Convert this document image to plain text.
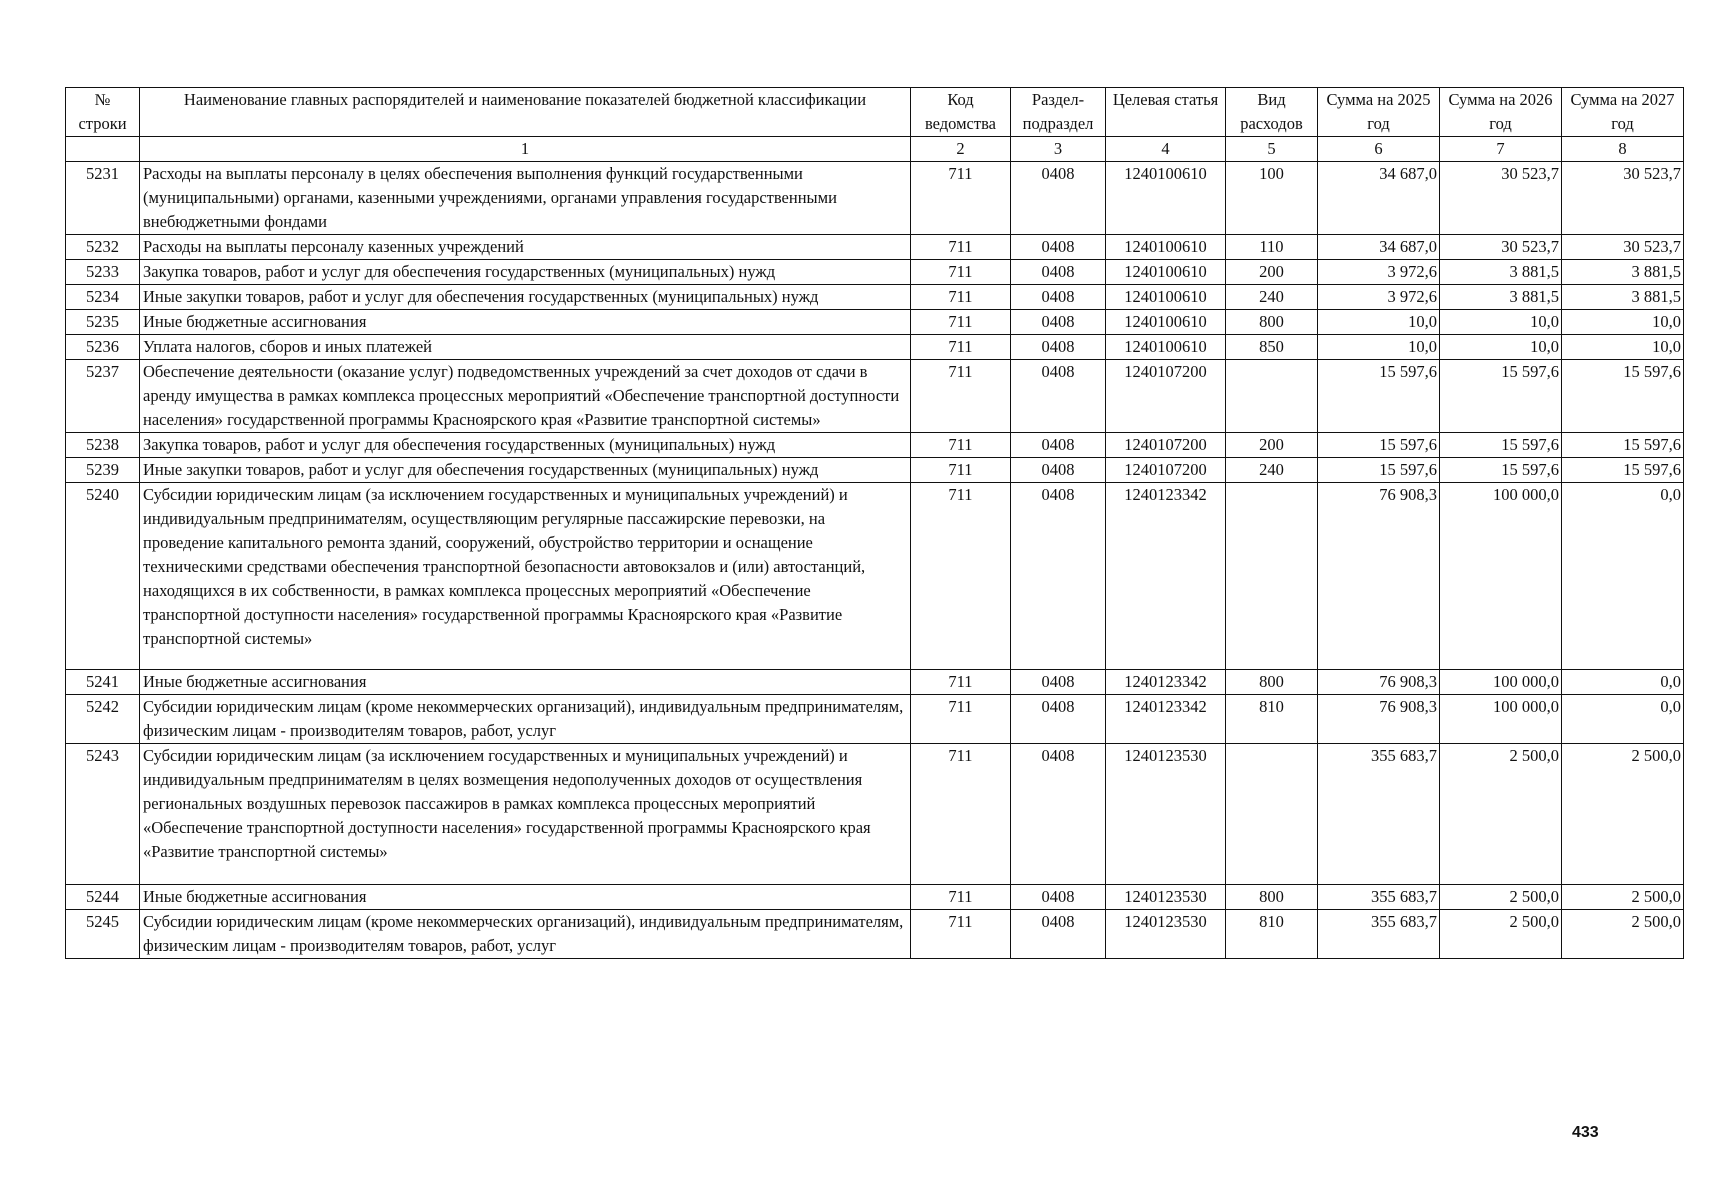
№ строки	Наименование главных распорядителей и наименование показателей бюджетной классификации	Код ведомства	Раздел-подраздел	Целевая статья	Вид расходов	Сумма на 2025 год	Сумма на 2026 год	Сумма на 2027 год
	1	2	3	4	5	6	7	8
5231	Расходы на выплаты персоналу в целях обеспечения выполнения функций государственными (муниципальными) органами, казенными учреждениями, органами управления государственными внебюджетными фондами	711	0408	1240100610	100	34 687,0	30 523,7	30 523,7
5232	Расходы на выплаты персоналу казенных учреждений	711	0408	1240100610	110	34 687,0	30 523,7	30 523,7
5233	Закупка товаров, работ и услуг для обеспечения государственных (муниципальных) нужд	711	0408	1240100610	200	3 972,6	3 881,5	3 881,5
5234	Иные закупки товаров, работ и услуг для обеспечения государственных (муниципальных) нужд	711	0408	1240100610	240	3 972,6	3 881,5	3 881,5
5235	Иные бюджетные ассигнования	711	0408	1240100610	800	10,0	10,0	10,0
5236	Уплата налогов, сборов и иных платежей	711	0408	1240100610	850	10,0	10,0	10,0
5237	Обеспечение деятельности (оказание услуг) подведомственных учреждений за счет доходов от сдачи в аренду имущества в рамках комплекса процессных мероприятий «Обеспечение транспортной доступности населения» государственной программы Красноярского края «Развитие транспортной системы»	711	0408	1240107200		15 597,6	15 597,6	15 597,6
5238	Закупка товаров, работ и услуг для обеспечения государственных (муниципальных) нужд	711	0408	1240107200	200	15 597,6	15 597,6	15 597,6
5239	Иные закупки товаров, работ и услуг для обеспечения государственных (муниципальных) нужд	711	0408	1240107200	240	15 597,6	15 597,6	15 597,6
5240	Субсидии юридическим лицам (за исключением государственных и муниципальных учреждений) и индивидуальным предпринимателям, осуществляющим регулярные пассажирские перевозки, на проведение капитального ремонта зданий, сооружений, обустройство территории и оснащение техническими средствами обеспечения транспортной безопасности автовокзалов и (или) автостанций, находящихся в их собственности, в рамках комплекса процессных мероприятий «Обеспечение транспортной доступности населения» государственной программы Красноярского края «Развитие транспортной системы»	711	0408	1240123342		76 908,3	100 000,0	0,0
5241	Иные бюджетные ассигнования	711	0408	1240123342	800	76 908,3	100 000,0	0,0
5242	Субсидии юридическим лицам (кроме некоммерческих организаций), индивидуальным предпринимателям, физическим лицам - производителям товаров, работ, услуг	711	0408	1240123342	810	76 908,3	100 000,0	0,0
5243	Субсидии юридическим лицам (за исключением государственных и муниципальных учреждений) и индивидуальным предпринимателям в целях возмещения недополученных доходов от осуществления региональных воздушных перевозок пассажиров в рамках комплекса процессных мероприятий «Обеспечение транспортной доступности населения» государственной программы Красноярского края «Развитие транспортной системы»	711	0408	1240123530		355 683,7	2 500,0	2 500,0
5244	Иные бюджетные ассигнования	711	0408	1240123530	800	355 683,7	2 500,0	2 500,0
5245	Субсидии юридическим лицам (кроме некоммерческих организаций), индивидуальным предпринимателям, физическим лицам - производителям товаров, работ, услуг	711	0408	1240123530	810	355 683,7	2 500,0	2 500,0
433
